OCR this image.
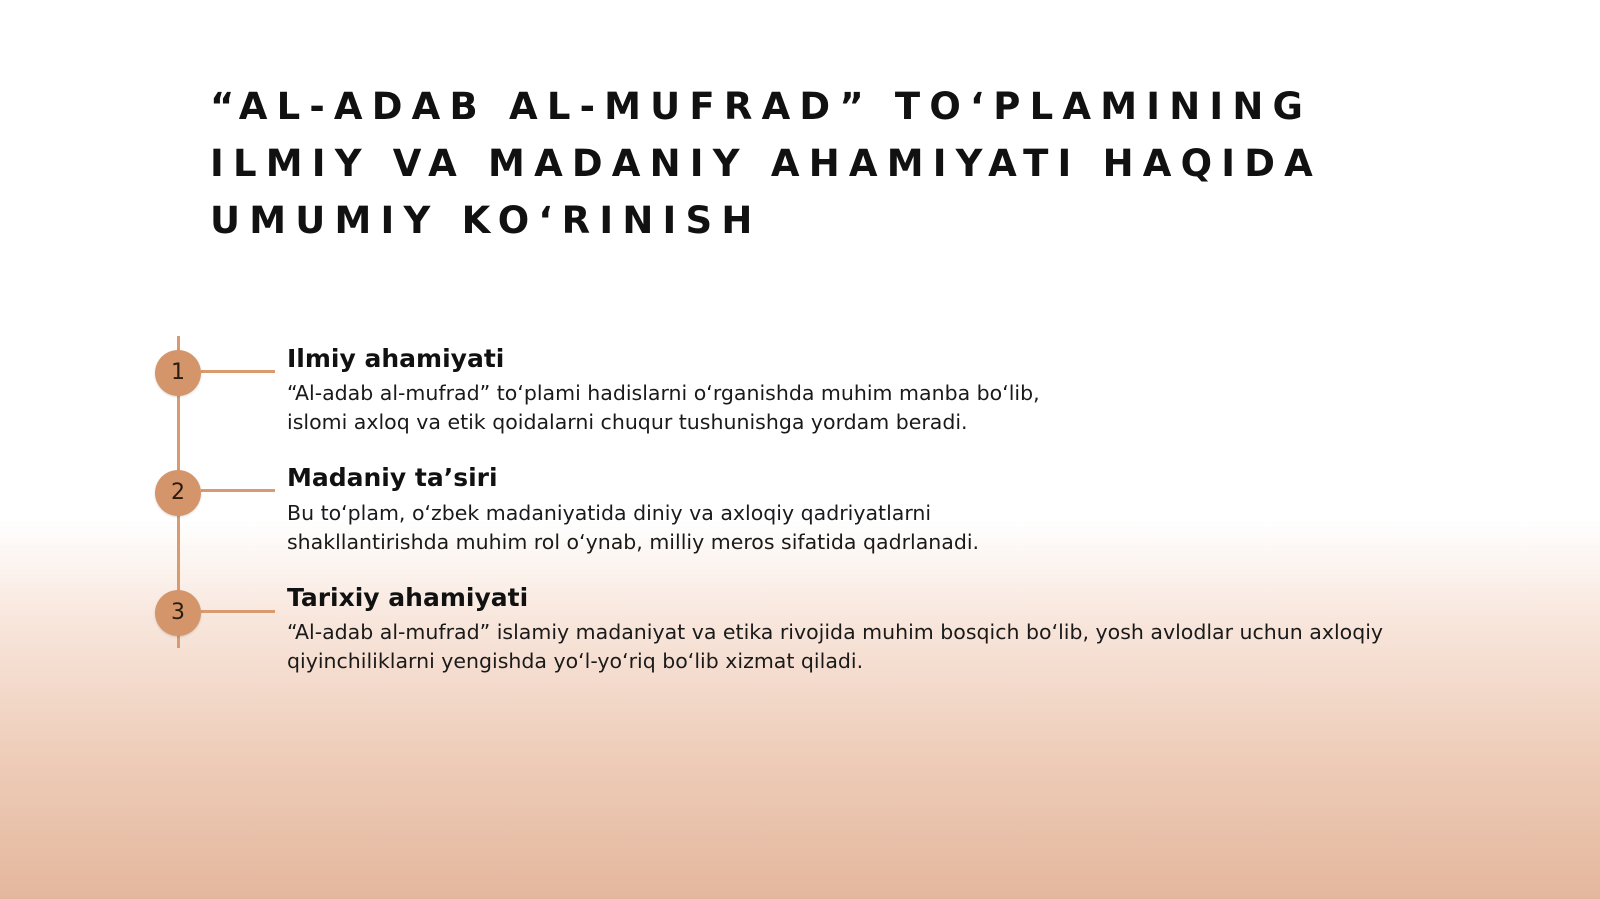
“AL-ADAB AL-MUFRAD” TO‘PLAMINING
ILMIY VA MADANIY AHAMIYATI HAQIDA
UMUMIY KO‘RINISH
1	Ilmiy ahamiyati

“Al-adab al-mufrad” to‘plami hadislarni o‘rganishda muhim manba bo‘lib,
islomi axloq va etik qoidalarni chuqur tushunishga yordam beradi.

2
Madaniy ta’siri

Bu to‘plam, o‘zbek madaniyatida diniy va axloqiy qadriyatlarni
shakllantirishda muhim rol o‘ynab, milliy meros sifatida qadrlanadi.

3
Tarixiy ahamiyati

“Al-adab al-mufrad” islamiy madaniyat va etika rivojida muhim bosqich bo‘lib, yosh avlodlar uchun axloqiy
qiyinchiliklarni yengishda yo‘l-yo‘riq bo‘lib xizmat qiladi.
